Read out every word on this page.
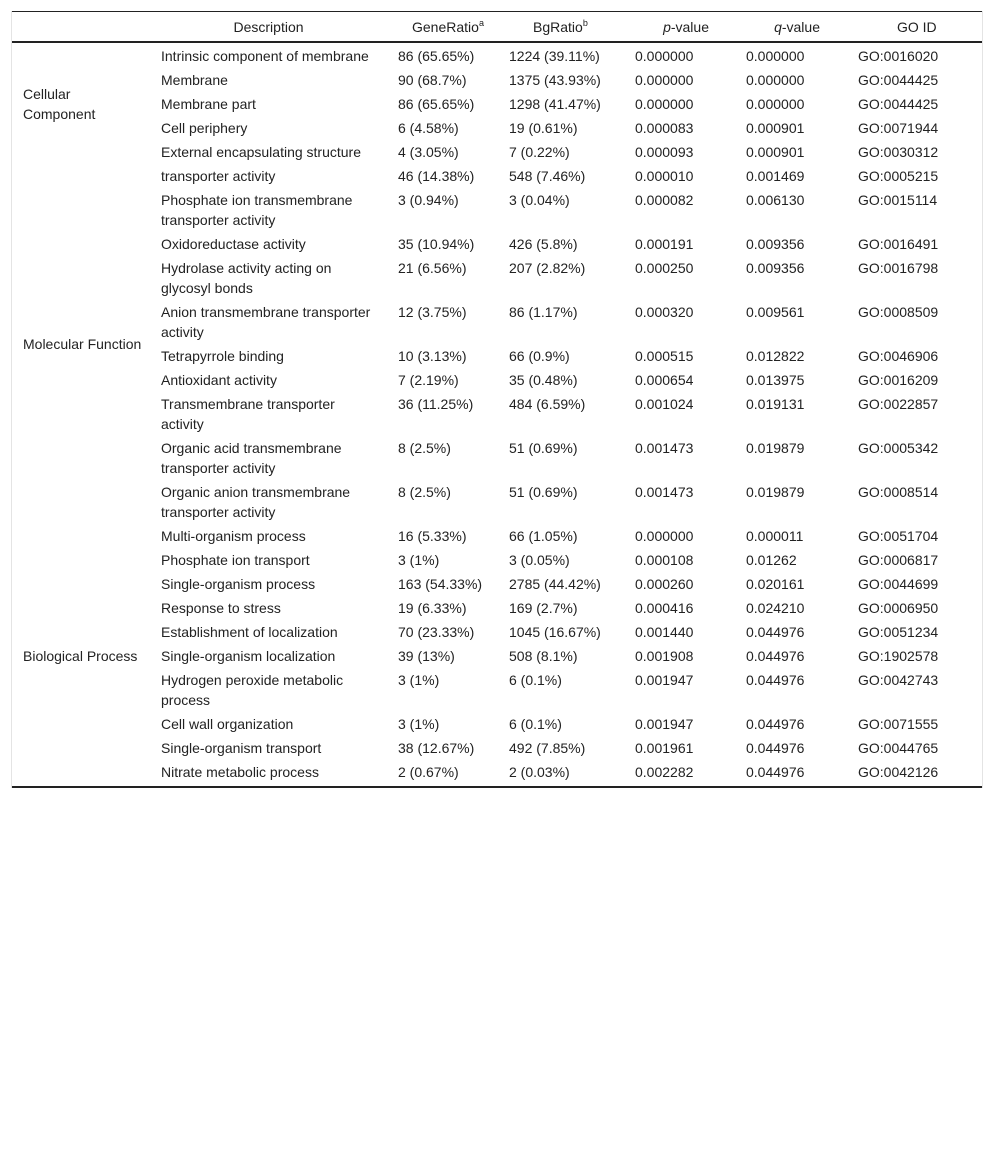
	Description	GeneRatio$^a$	BgRatio$^b$	p-value	q-value	GO ID
Cellular Component	Intrinsic component of membrane	86 (65.65%)	1224 (39.11%)	0.000000	0.000000	GO:0016020
	Membrane	90 (68.7%)	1375 (43.93%)	0.000000	0.000000	GO:0044425
	Membrane part	86 (65.65%)	1298 (41.47%)	0.000000	0.000000	GO:0044425
	Cell periphery	6 (4.58%)	19 (0.61%)	0.000083	0.000901	GO:0071944
	External encapsulating structure	4 (3.05%)	7 (0.22%)	0.000093	0.000901	GO:0030312
Molecular Function	transporter activity	46 (14.38%)	548 (7.46%)	0.000010	0.001469	GO:0005215
	Phosphate ion transmembrane transporter activity	3 (0.94%)	3 (0.04%)	0.000082	0.006130	GO:0015114
	Oxidoreductase activity	35 (10.94%)	426 (5.8%)	0.000191	0.009356	GO:0016491
	Hydrolase activity acting on glycosyl bonds	21 (6.56%)	207 (2.82%)	0.000250	0.009356	GO:0016798
	Anion transmembrane transporter activity	12 (3.75%)	86 (1.17%)	0.000320	0.009561	GO:0008509
	Tetrapyrrole binding	10 (3.13%)	66 (0.9%)	0.000515	0.012822	GO:0046906
	Antioxidant activity	7 (2.19%)	35 (0.48%)	0.000654	0.013975	GO:0016209
	Transmembrane transporter activity	36 (11.25%)	484 (6.59%)	0.001024	0.019131	GO:0022857
	Organic acid transmembrane transporter activity	8 (2.5%)	51 (0.69%)	0.001473	0.019879	GO:0005342
	Organic anion transmembrane transporter activity	8 (2.5%)	51 (0.69%)	0.001473	0.019879	GO:0008514
Biological Process	Multi-organism process	16 (5.33%)	66 (1.05%)	0.000000	0.000011	GO:0051704
	Phosphate ion transport	3 (1%)	3 (0.05%)	0.000108	0.01262	GO:0006817
	Single-organism process	163 (54.33%)	2785 (44.42%)	0.000260	0.020161	GO:0044699
	Response to stress	19 (6.33%)	169 (2.7%)	0.000416	0.024210	GO:0006950
	Establishment of localization	70 (23.33%)	1045 (16.67%)	0.001440	0.044976	GO:0051234
	Single-organism localization	39 (13%)	508 (8.1%)	0.001908	0.044976	GO:1902578
	Hydrogen peroxide metabolic process	3 (1%)	6 (0.1%)	0.001947	0.044976	GO:0042743
	Cell wall organization	3 (1%)	6 (0.1%)	0.001947	0.044976	GO:0071555
	Single-organism transport	38 (12.67%)	492 (7.85%)	0.001961	0.044976	GO:0044765
	Nitrate metabolic process	2 (0.67%)	2 (0.03%)	0.002282	0.044976	GO:0042126
